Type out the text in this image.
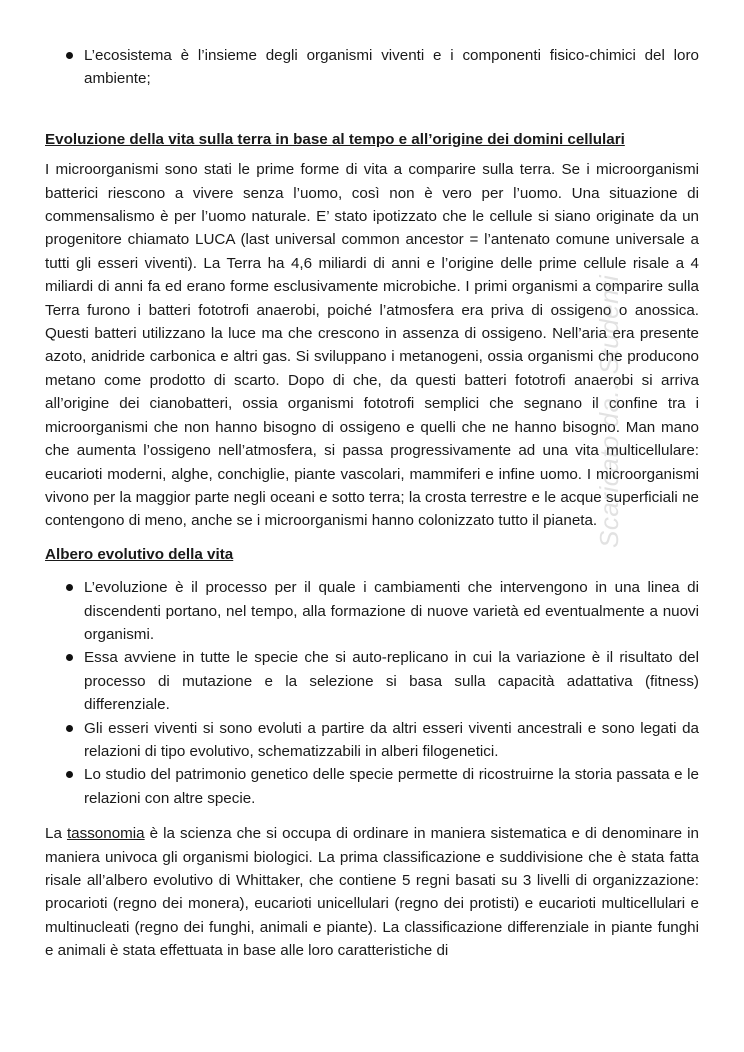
L’ecosistema è l’insieme degli organismi viventi e i componenti fisico-chimici del loro ambiente;

Evoluzione della vita sulla terra in base al tempo e all’origine dei domini cellulari

I microorganismi sono stati le prime forme di vita a comparire sulla terra. Se i microorganismi batterici riescono a vivere senza l’uomo, così non è vero per l’uomo. Una situazione di commensalismo è per l’uomo naturale. E’ stato ipotizzato che le cellule si siano originate da un progenitore chiamato LUCA (last universal common ancestor = l’antenato comune universale a tutti gli esseri viventi). La Terra ha 4,6 miliardi di anni e l’origine delle prime cellule risale a 4 miliardi di anni fa ed erano forme esclusivamente microbiche. I primi organismi a comparire sulla Terra furono i batteri fototrofi anaerobi, poiché l’atmosfera era priva di ossigeno o anossica. Questi batteri utilizzano la luce ma che crescono in assenza di ossigeno. Nell’aria era presente azoto, anidride carbonica e altri gas. Si sviluppano i metanogeni, ossia organismi che producono metano come prodotto di scarto. Dopo di che, da questi batteri fototrofi anaerobi si arriva all’origine dei cianobatteri, ossia organismi fototrofi semplici che segnano il confine tra i microorganismi che non hanno bisogno di ossigeno e quelli che ne hanno bisogno. Man mano che aumenta l’ossigeno nell’atmosfera, si passa progressivamente ad una vita multicellulare: eucarioti moderni, alghe, conchiglie, piante vascolari, mammiferi e infine uomo. I microorganismi vivono per la maggior parte negli oceani e sotto terra; la crosta terrestre e le acque superficiali ne contengono di meno, anche se i microorganismi hanno colonizzato tutto il pianeta.

Albero evolutivo della vita

L’evoluzione è il processo per il quale i cambiamenti che intervengono in una linea di discendenti portano, nel tempo, alla formazione di nuove varietà ed eventualmente a nuovi organismi.
Essa avviene in tutte le specie che si auto-replicano in cui la variazione è il risultato del processo di mutazione e la selezione si basa sulla capacità adattativa (fitness) differenziale.
Gli esseri viventi si sono evoluti a partire da altri esseri viventi ancestrali e sono legati da relazioni di tipo evolutivo, schematizzabili in alberi filogenetici.
Lo studio del patrimonio genetico delle specie permette di ricostruirne la storia passata e le relazioni con altre specie.

La tassonomia è la scienza che si occupa di ordinare in maniera sistematica e di denominare in maniera univoca gli organismi biologici. La prima classificazione e suddivisione che è stata fatta risale all’albero evolutivo di Whittaker, che contiene 5 regni basati su 3 livelli di organizzazione: procarioti (regno dei monera), eucarioti unicellulari (regno dei protisti) e eucarioti multicellulari e multinucleati (regno dei funghi, animali e piante). La classificazione differenziale in piante funghi e animali è stata effettuata in base alle loro caratteristiche di

Scaricato da...Studenti
